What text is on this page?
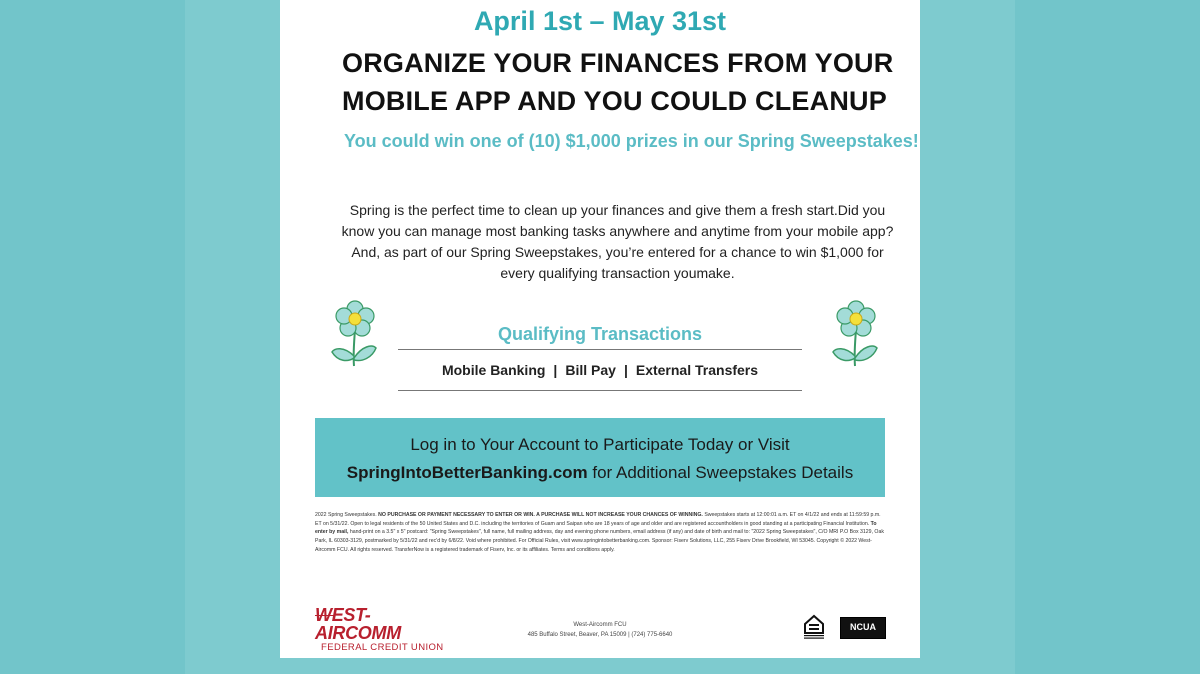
April 1st – May 31st
ORGANIZE YOUR FINANCES FROM YOUR
MOBILE APP AND YOU COULD CLEANUP
You could win one of (10) $1,000 prizes in our Spring Sweepstakes!
Spring is the perfect time to clean up your finances and give them a fresh start.Did you know you can manage most banking tasks anywhere and anytime from your mobile app? And, as part of our Spring Sweepstakes, you’re entered for a chance to win $1,000 for every qualifying transaction youmake.
Qualifying Transactions
Mobile Banking | Bill Pay | External Transfers
Log in to Your Account to Participate Today or Visit
SpringIntoBetterBanking.com for Additional Sweepstakes Details
2022 Spring Sweepstakes. NO PURCHASE OR PAYMENT NECESSARY TO ENTER OR WIN. A PURCHASE WILL NOT INCREASE YOUR CHANCES OF WINNING. Sweepstakes starts at 12:00:01 a.m. ET on 4/1/22 and ends at 11:59:59 p.m. ET on 5/31/22. Open to legal residents of the 50 United States and D.C. including the territories of Guam and Saipan who are 18 years of age and older and are registered accountholders in good standing at a participating Financial Institution. To enter by mail, hand-print on a 3.5" x 5" postcard: "Spring Sweepstakes", full name, full mailing address, day and evening phone numbers, email address (if any) and date of birth and mail to: "2022 Spring Sweepstakes", C/O MRI P.O Box 3129, Oak Park, IL 60303-3129, postmarked by 5/31/22 and rec'd by 6/8/22. Void where prohibited. For Official Rules, visit www.springintobetterbanking.com. Sponsor: Fiserv Solutions, LLC, 255 Fiserv Drive Brookfield, WI 53045. Copyright © 2022 West-Aircomm FCU. All rights reserved. TransferNow is a registered trademark of Fiserv, Inc. or its affiliates. Terms and conditions apply.
WEST-AIRCOMM
FEDERAL CREDIT UNION
West-Aircomm FCU
485 Buffalo Street, Beaver, PA 15009 | (724) 775-6640
NCUA
